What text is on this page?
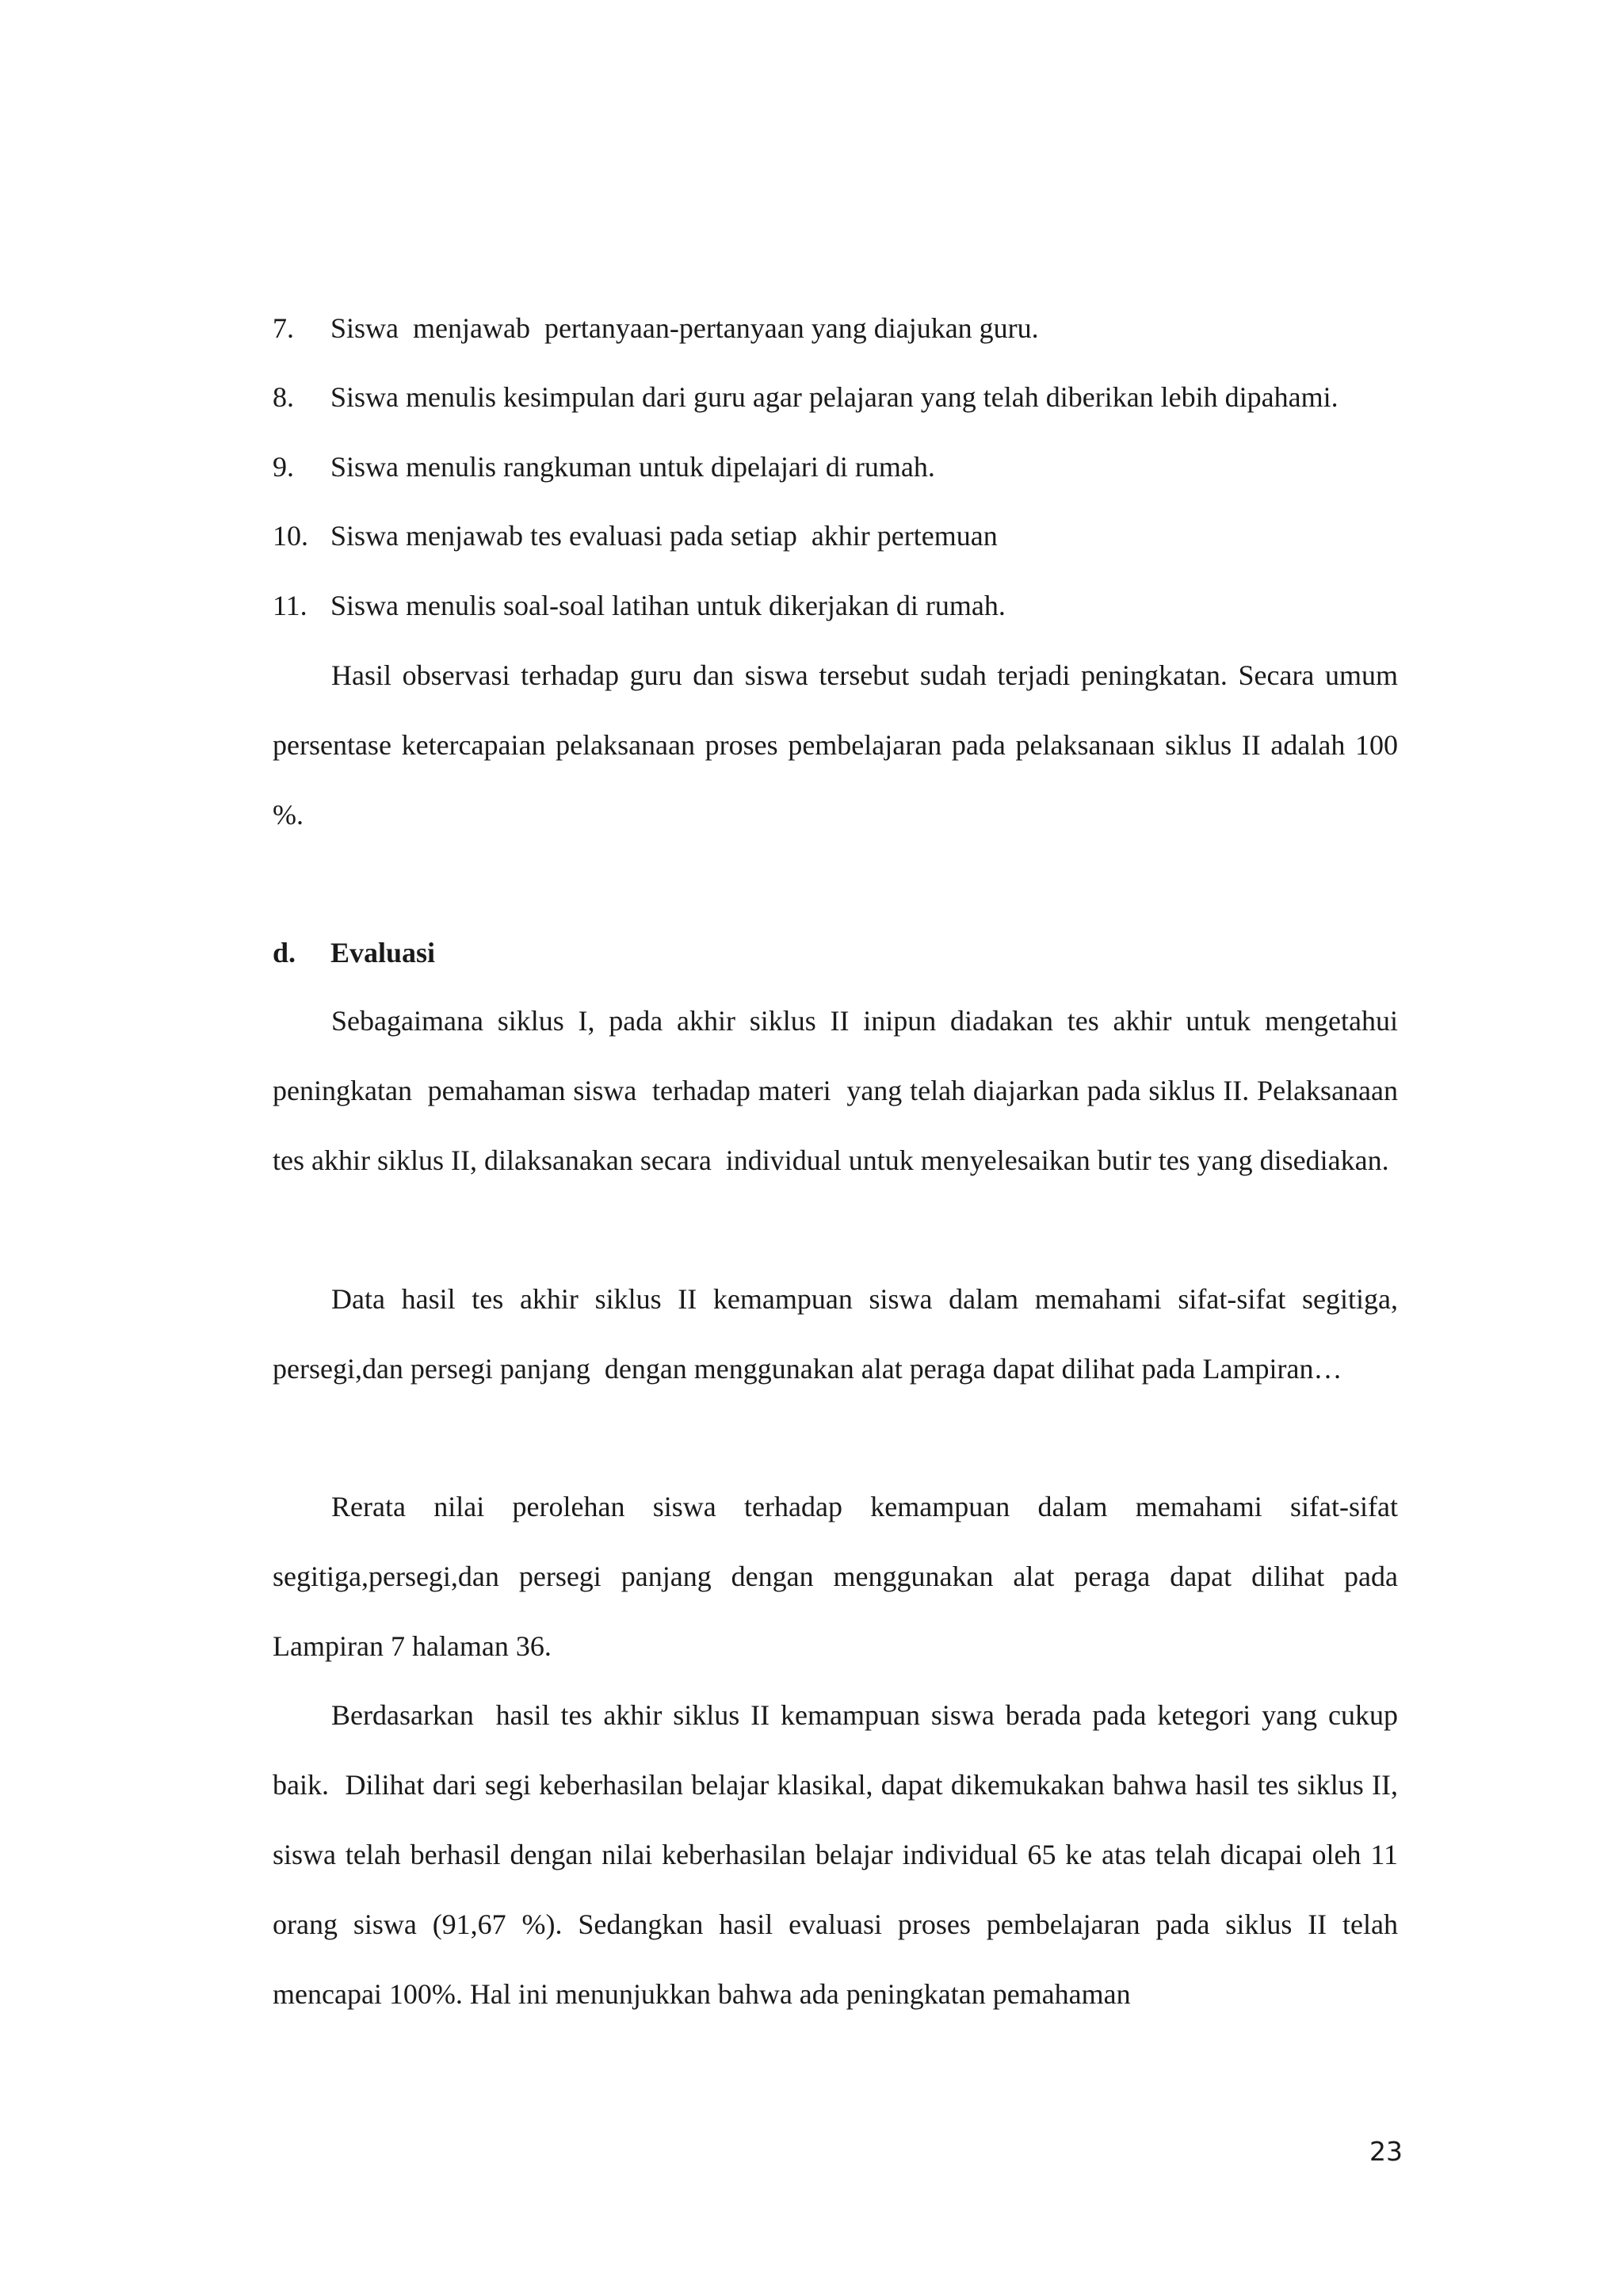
7. Siswa  menjawab  pertanyaan-pertanyaan yang diajukan guru.
8. Siswa menulis kesimpulan dari guru agar pelajaran yang telah diberikan lebih dipahami.
9. Siswa menulis rangkuman untuk dipelajari di rumah.
10. Siswa menjawab tes evaluasi pada setiap  akhir pertemuan
11. Siswa menulis soal-soal latihan untuk dikerjakan di rumah.

Hasil observasi terhadap guru dan siswa tersebut sudah terjadi peningkatan. Secara umum persentase ketercapaian pelaksanaan proses pembelajaran pada pelaksanaan siklus II adalah 100 %.

d. Evaluasi

Sebagaimana siklus I, pada akhir siklus II inipun diadakan tes akhir untuk mengetahui peningkatan  pemahaman siswa  terhadap materi  yang telah diajarkan pada siklus II. Pelaksanaan tes akhir siklus II, dilaksanakan secara  individual untuk menyelesaikan butir tes yang disediakan.

Data hasil tes akhir siklus II kemampuan siswa dalam memahami sifat-sifat segitiga, persegi,dan persegi panjang  dengan menggunakan alat peraga dapat dilihat pada Lampiran…

Rerata nilai perolehan siswa terhadap kemampuan dalam memahami sifat-sifat segitiga,persegi,dan persegi panjang dengan menggunakan alat peraga dapat dilihat pada Lampiran 7 halaman 36.

Berdasarkan  hasil tes akhir siklus II kemampuan siswa berada pada ketegori yang cukup baik.  Dilihat dari segi keberhasilan belajar klasikal, dapat dikemukakan bahwa hasil tes siklus II, siswa telah berhasil dengan nilai keberhasilan belajar individual 65 ke atas telah dicapai oleh 11 orang siswa (91,67 %). Sedangkan hasil evaluasi proses pembelajaran pada siklus II telah mencapai 100%. Hal ini menunjukkan bahwa ada peningkatan pemahaman

23
